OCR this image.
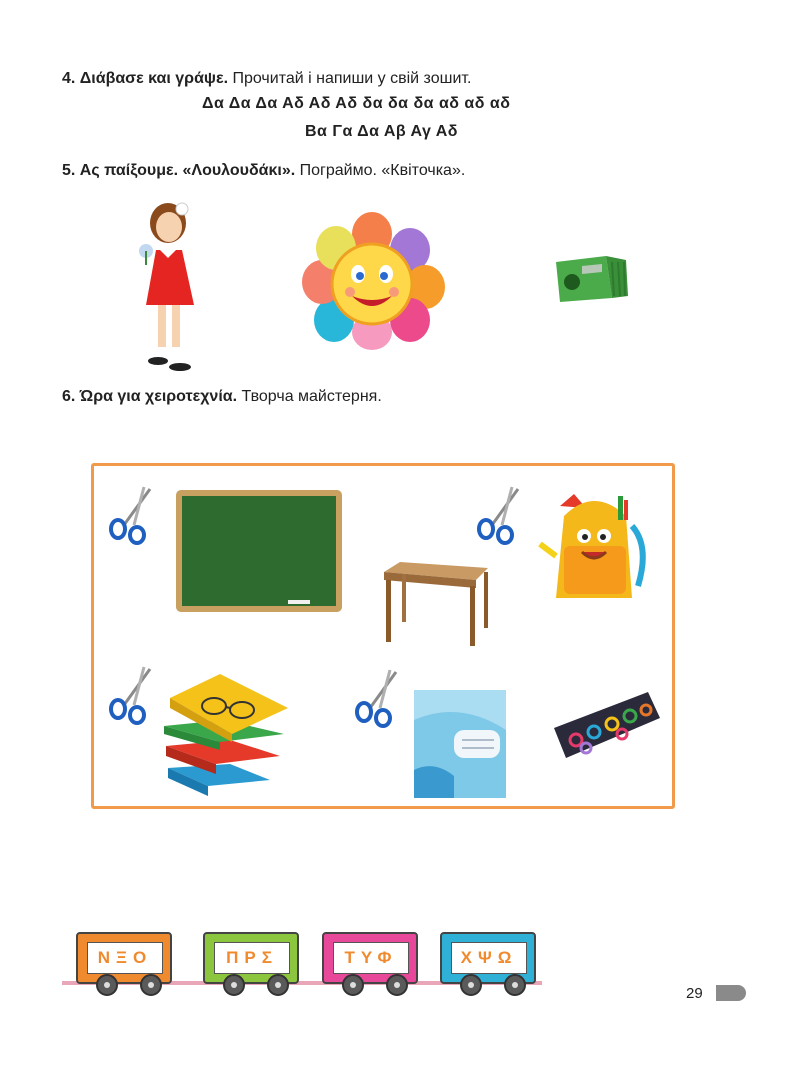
4. Διάβασε και γράψε. Прочитай і напиши у свій зошит.
Δα Δα Δα Αδ Αδ Αδ δα δα δα αδ αδ αδ
Βα Γα Δα Αβ Αγ Αδ
5. Ας παίξουμε. «Λουλουδάκι». Пограймо. «Квіточка».
6. Ώρα για χειροτεχνία. Творча майстерня.
ΝΞΟ	ΠΡΣ	ΤΥΦ	ΧΨΩ
29
